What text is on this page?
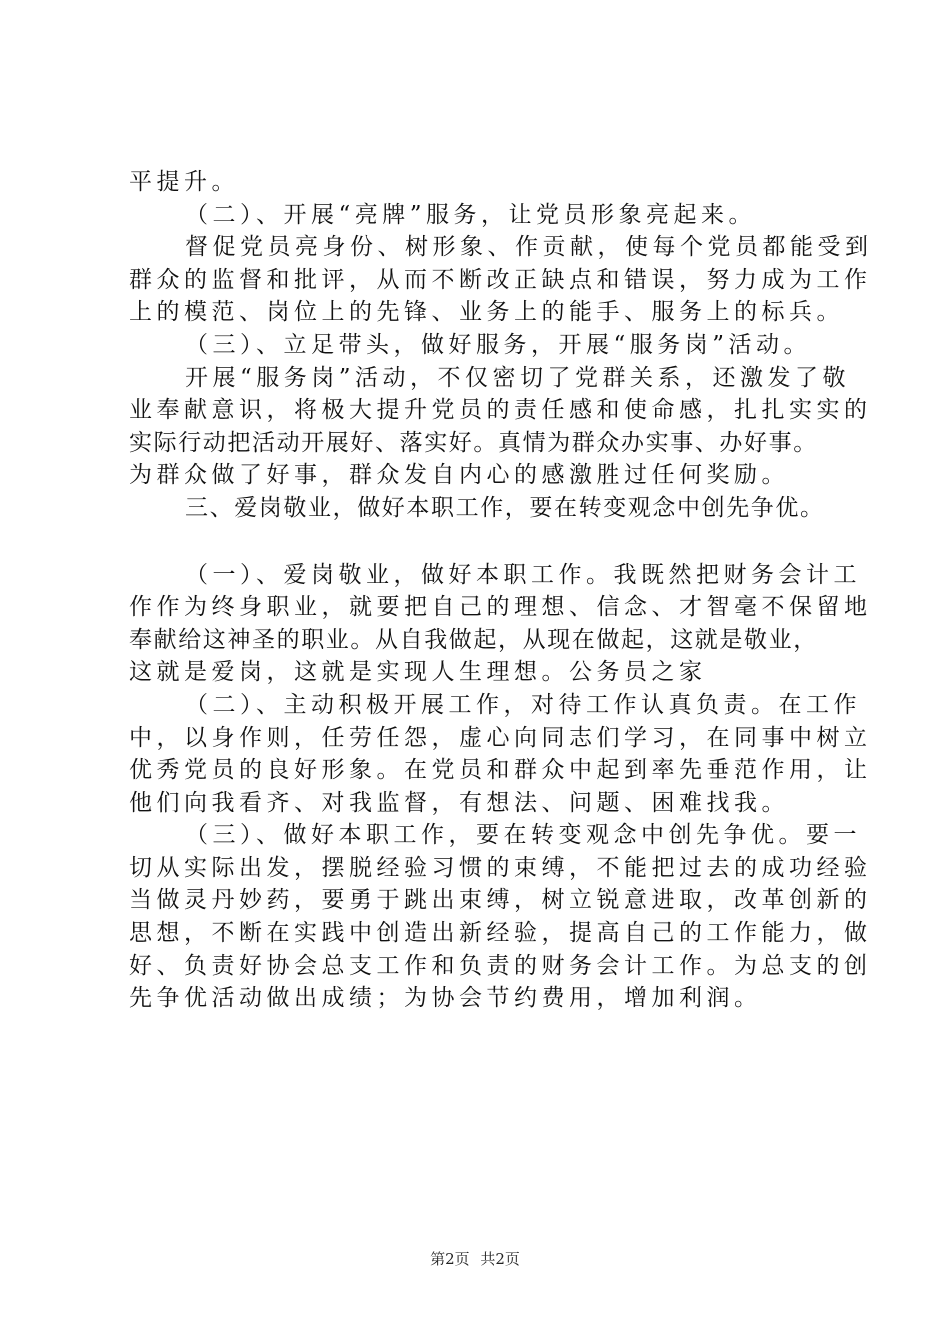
平提升。
（二）、开展“亮牌”服务，让党员形象亮起来。
督促党员亮身份、树形象、作贡献，使每个党员都能受到
群众的监督和批评，从而不断改正缺点和错误，努力成为工作
上的模范、岗位上的先锋、业务上的能手、服务上的标兵。
（三）、立足带头，做好服务，开展“服务岗”活动。
开展“服务岗”活动，不仅密切了党群关系，还激发了敬
业奉献意识，将极大提升党员的责任感和使命感，扎扎实实的
实际行动把活动开展好、落实好。真情为群众办实事、办好事。
为群众做了好事，群众发自内心的感激胜过任何奖励。
三、爱岗敬业，做好本职工作，要在转变观念中创先争优。
（一）、爱岗敬业，做好本职工作。我既然把财务会计工
作作为终身职业，就要把自己的理想、信念、才智毫不保留地
奉献给这神圣的职业。从自我做起，从现在做起，这就是敬业，
这就是爱岗，这就是实现人生理想。公务员之家
（二）、主动积极开展工作，对待工作认真负责。在工作
中，以身作则，任劳任怨，虚心向同志们学习，在同事中树立
优秀党员的良好形象。在党员和群众中起到率先垂范作用，让
他们向我看齐、对我监督，有想法、问题、困难找我。
（三）、做好本职工作，要在转变观念中创先争优。要一
切从实际出发，摆脱经验习惯的束缚，不能把过去的成功经验
当做灵丹妙药，要勇于跳出束缚，树立锐意进取，改革创新的
思想，不断在实践中创造出新经验，提高自己的工作能力，做
好、负责好协会总支工作和负责的财务会计工作。为总支的创
先争优活动做出成绩；为协会节约费用，增加利润。
第2页 共2页
